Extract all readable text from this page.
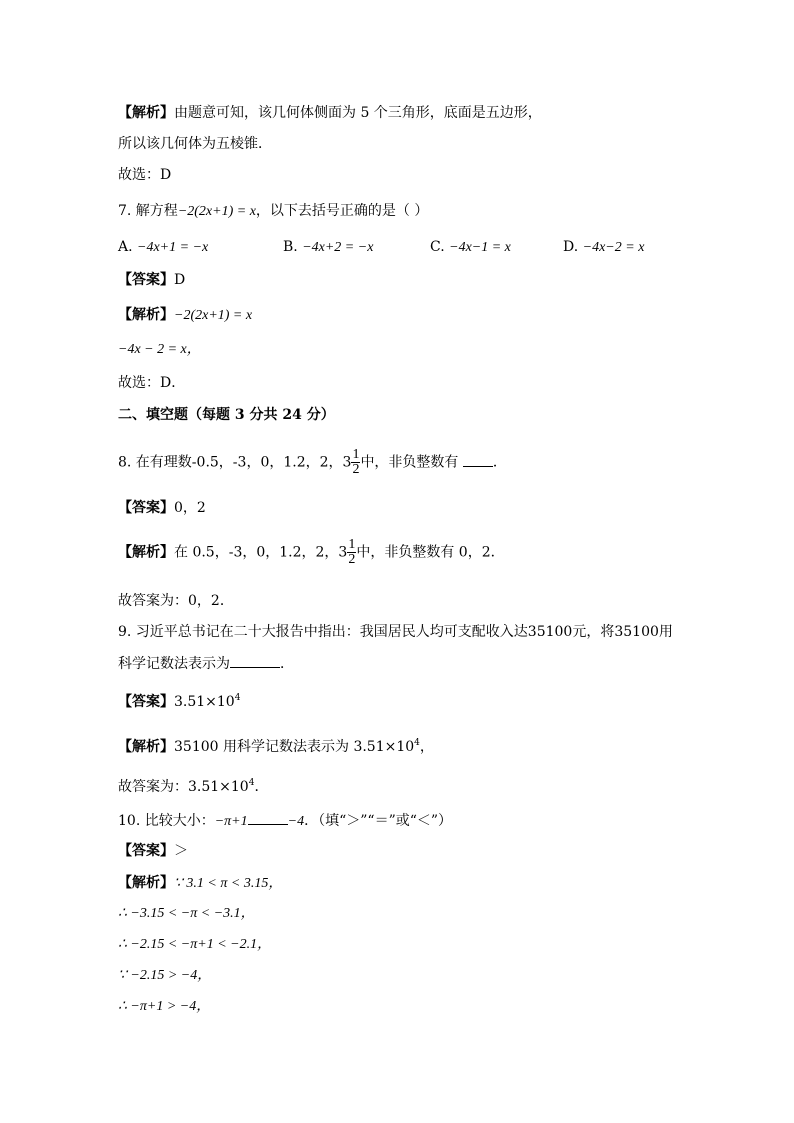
【解析】由题意可知，该几何体侧面为 5 个三角形，底面是五边形，
所以该几何体为五棱锥．
故选：D
7. 解方程−2(2x+1) = x，以下去括号正确的是（ ）
A. −4x+1 = −x	B. −4x+2 = −x	C. −4x−1 = x	D. −4x−2 = x
【答案】D
【解析】−2(2x+1) = x
−4x − 2 = x，
故选：D．
二、填空题（每题 3 分共 24 分）
8. 在有理数-0.5，-3，0，1.2，2，$3 \frac{1}{2}$ 中，非负整数有 ．
【答案】0，2
【解析】在 0.5，-3，0，1.2，2，$3 \frac{1}{2}$ 中，非负整数有 0，2．
故答案为：0，2．
9. 习近平总书记在二十大报告中指出：我国居民人均可支配收入达35100元，将35100用
科学记数法表示为	．
【答案】$3.51\times 10^4$
【解析】35100 用科学记数法表示为 $3.51\times 10^4$，
故答案为：$3.51\times 10^4$．
10. 比较大小：−π+1	−4．（填“＞”“＝”或“＜”）
【答案】＞
【解析】∵ 3.1 < π < 3.15，
∴ −3.15 < −π < −3.1，
∴ −2.15 < −π+1 < −2.1，
∵ −2.15 > −4，
∴ −π+1 > −4，
